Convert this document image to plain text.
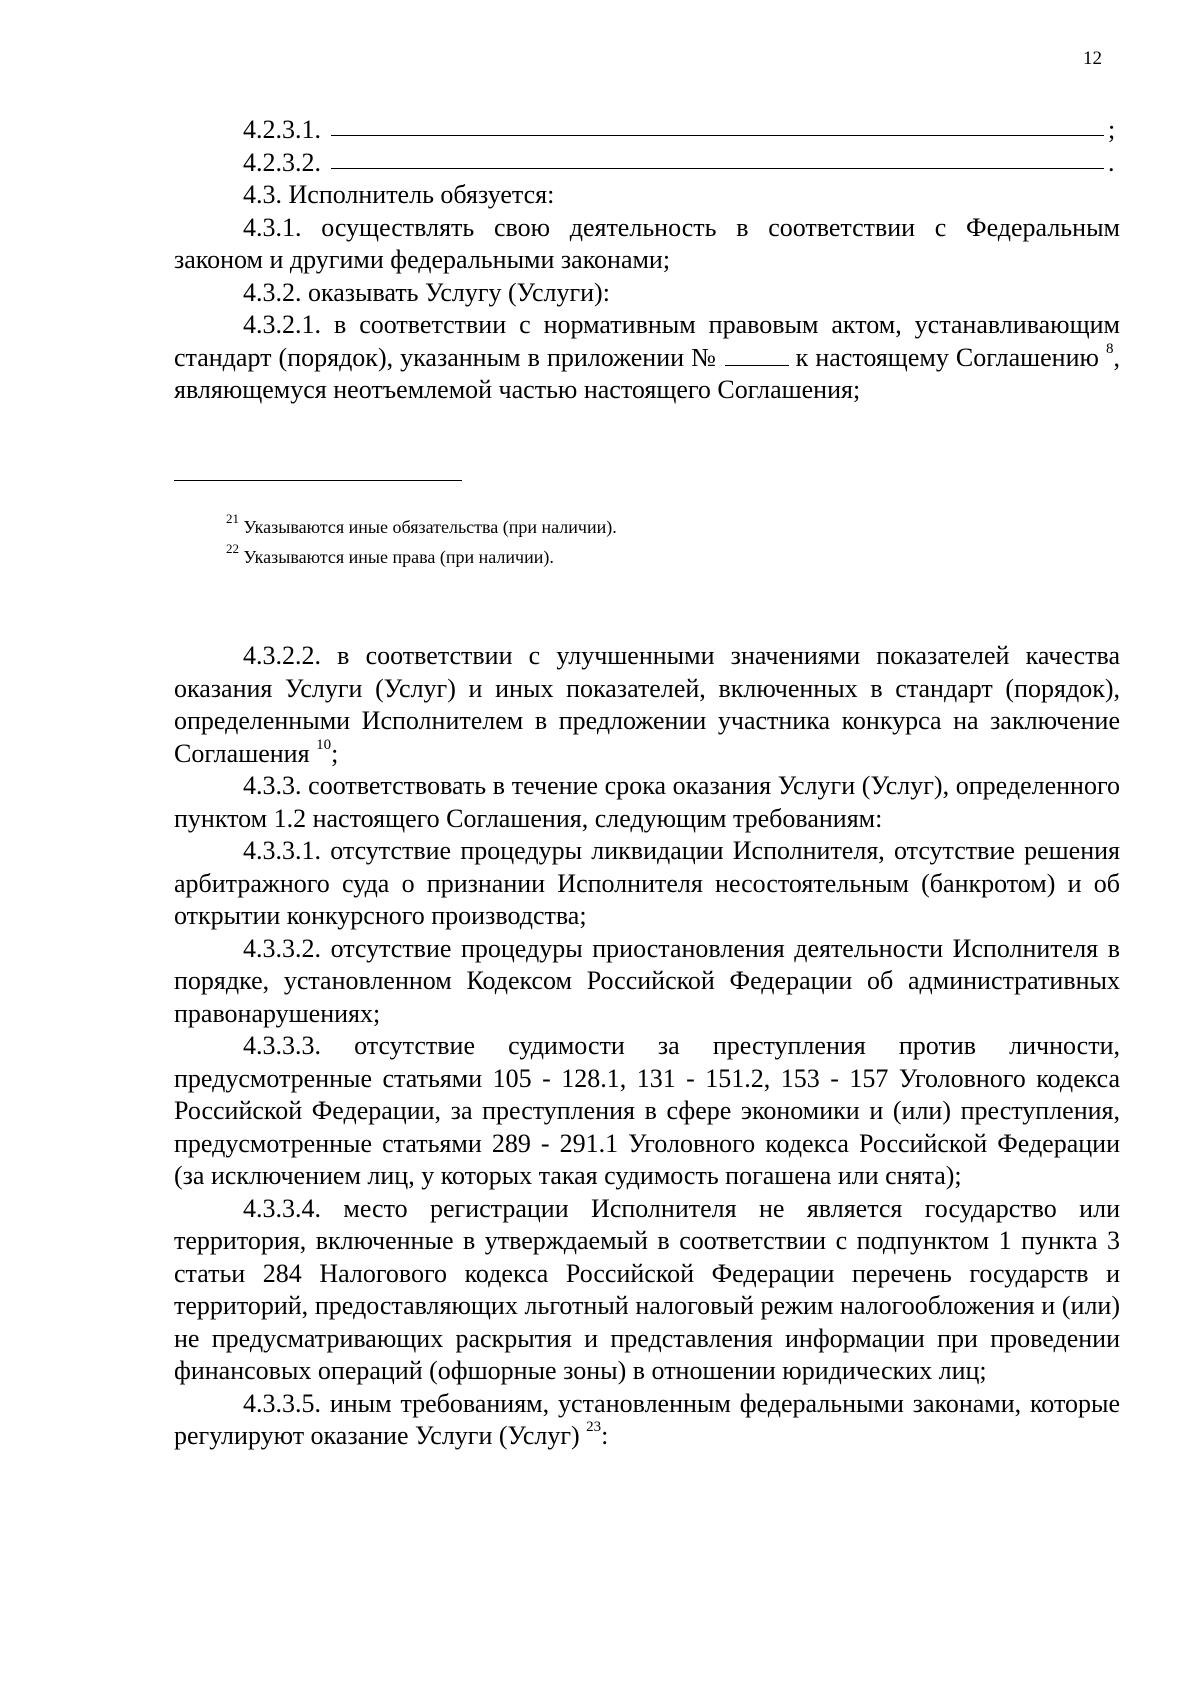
12
4.2.3.1.	;
4.2.3.2.	.

4.3. Исполнитель обязуется:

4.3.1. осуществлять свою деятельность в соответствии с Федеральным законом и другими федеральными законами;

4.3.2. оказывать Услугу (Услуги):

4.3.2.1. в соответствии с нормативным правовым актом, устанавливающим стандарт (порядок), указанным в приложении №	к настоящему Соглашению $^8$, являющемуся неотъемлемой частью настоящего Соглашения;

$^{21}$ Указываются иные обязательства (при наличии).

$^{22}$ Указываются иные права (при наличии).

4.3.2.2. в соответствии с улучшенными значениями показателей качества оказания Услуги (Услуг) и иных показателей, включенных в стандарт (порядок), определенными Исполнителем в предложении участника конкурса на заключение Соглашения $^{10}$;

4.3.3. соответствовать в течение срока оказания Услуги (Услуг), определенного пунктом 1.2 настоящего Соглашения, следующим требованиям:

4.3.3.1. отсутствие процедуры ликвидации Исполнителя, отсутствие решения арбитражного суда о признании Исполнителя несостоятельным (банкротом) и об открытии конкурсного производства;

4.3.3.2. отсутствие процедуры приостановления деятельности Исполнителя в порядке, установленном Кодексом Российской Федерации об административных правонарушениях;

4.3.3.3. отсутствие судимости за преступления против личности, предусмотренные статьями 105 - 128.1, 131 - 151.2, 153 - 157 Уголовного кодекса Российской Федерации, за преступления в сфере экономики и (или) преступления, предусмотренные статьями 289 - 291.1 Уголовного кодекса Российской Федерации (за исключением лиц, у которых такая судимость погашена или снята);

4.3.3.4. место регистрации Исполнителя не является государство или территория, включенные в утверждаемый в соответствии с подпунктом 1 пункта 3 статьи 284 Налогового кодекса Российской Федерации перечень государств и территорий, предоставляющих льготный налоговый режим налогообложения и (или) не предусматривающих раскрытия и представления информации при проведении финансовых операций (офшорные зоны) в отношении юридических лиц;

4.3.3.5. иным требованиям, установленным федеральными законами, которые регулируют оказание Услуги (Услуг) $^{23}$:
